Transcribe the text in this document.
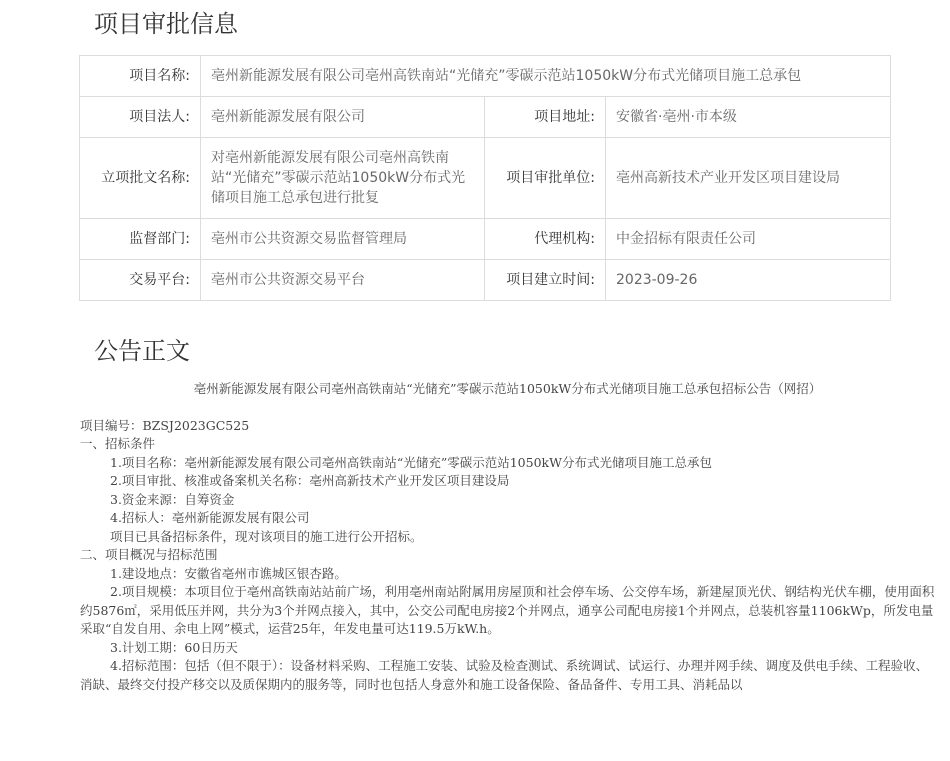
项目审批信息
项目名称:	亳州新能源发展有限公司亳州高铁南站“光储充”零碳示范站1050kW分布式光储项目施工总承包		
项目法人:	亳州新能源发展有限公司	项目地址:	安徽省·亳州·市本级
立项批文名称:	对亳州新能源发展有限公司亳州高铁南站“光储充”零碳示范站1050kW分布式光储项目施工总承包进行批复	项目审批单位:	亳州高新技术产业开发区项目建设局
监督部门:	亳州市公共资源交易监督管理局	代理机构:	中金招标有限责任公司
交易平台:	亳州市公共资源交易平台	项目建立时间:	2023-09-26
公告正文

亳州新能源发展有限公司亳州高铁南站“光储充”零碳示范站1050kW分布式光储项目施工总承包招标公告（网招）

项目编号：BZSJ2023GC525

一、招标条件

1.项目名称：亳州新能源发展有限公司亳州高铁南站“光储充”零碳示范站1050kW分布式光储项目施工总承包

2.项目审批、核准或备案机关名称：亳州高新技术产业开发区项目建设局

3.资金来源：自筹资金

4.招标人：亳州新能源发展有限公司

项目已具备招标条件，现对该项目的施工进行公开招标。

二、项目概况与招标范围

1.建设地点：安徽省亳州市谯城区银杏路。

2.项目规模：本项目位于亳州高铁南站站前广场，利用亳州南站附属用房屋顶和社会停车场、公交停车场，新建屋顶光伏、钢结构光伏车棚，使用面积约5876㎡，采用低压并网，共分为3个并网点接入，其中，公交公司配电房接2个并网点，通享公司配电房接1个并网点，总装机容量1106kWp，所发电量采取“自发自用、余电上网”模式，运营25年，年发电量可达119.5万kW.h。

3.计划工期：60日历天

4.招标范围：包括（但不限于）：设备材料采购、工程施工安装、试验及检查测试、系统调试、试运行、办理并网手续、调度及供电手续、工程验收、消缺、最终交付投产移交以及质保期内的服务等，同时也包括人身意外和施工设备保险、备品备件、专用工具、消耗品以
